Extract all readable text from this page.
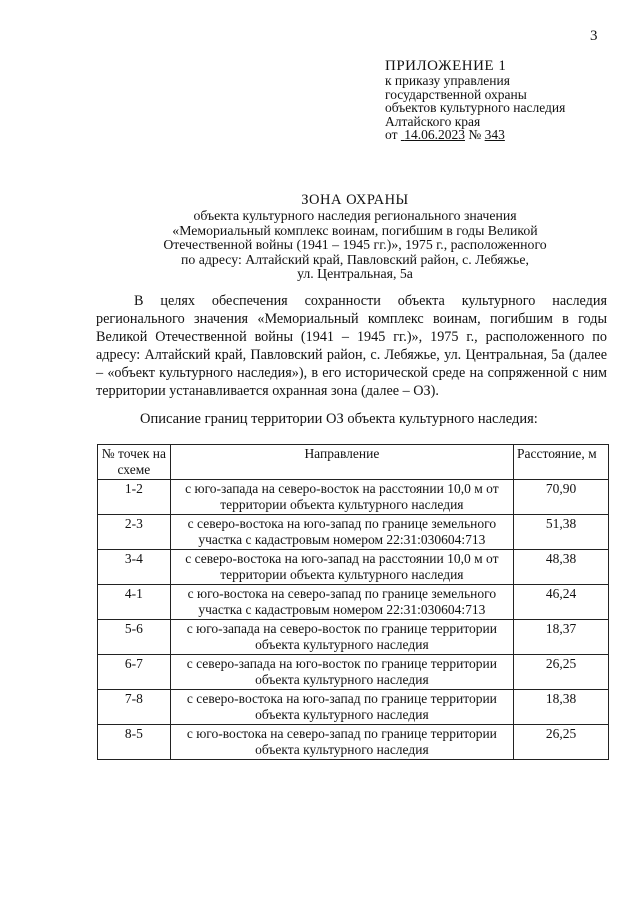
3
ПРИЛОЖЕНИЕ 1
к приказу управления
государственной охраны
объектов культурного наследия
Алтайского края
от 14.06.2023 № 343
ЗОНА ОХРАНЫ
объекта культурного наследия регионального значения
«Мемориальный комплекс воинам, погибшим в годы Великой
Отечественной войны (1941 – 1945 гг.)», 1975 г., расположенного
по адресу: Алтайский край, Павловский район, с. Лебяжье,
ул. Центральная, 5а
В целях обеспечения сохранности объекта культурного наследия регионального значения «Мемориальный комплекс воинам, погибшим в годы Великой Отечественной войны (1941 – 1945 гг.)», 1975 г., расположенного по адресу: Алтайский край, Павловский район, с. Лебяжье, ул. Центральная, 5а (далее – «объект культурного наследия»), в его исторической среде на сопряженной с ним территории устанавливается охранная зона (далее – ОЗ).
Описание границ территории ОЗ объекта культурного наследия:
№ точек на схеме	Направление	Расстояние, м
1-2	с юго-запада на северо-восток на расстоянии 10,0 м от территории объекта культурного наследия	70,90
2-3	с северо-востока на юго-запад по границе земельного участка с кадастровым номером 22:31:030604:713	51,38
3-4	с северо-востока на юго-запад на расстоянии 10,0 м от территории объекта культурного наследия	48,38
4-1	с юго-востока на северо-запад по границе земельного участка с кадастровым номером 22:31:030604:713	46,24
5-6	с юго-запада на северо-восток по границе территории объекта культурного наследия	18,37
6-7	с северо-запада на юго-восток по границе территории объекта культурного наследия	26,25
7-8	с северо-востока на юго-запад по границе территории объекта культурного наследия	18,38
8-5	с юго-востока на северо-запад по границе территории объекта культурного наследия	26,25
